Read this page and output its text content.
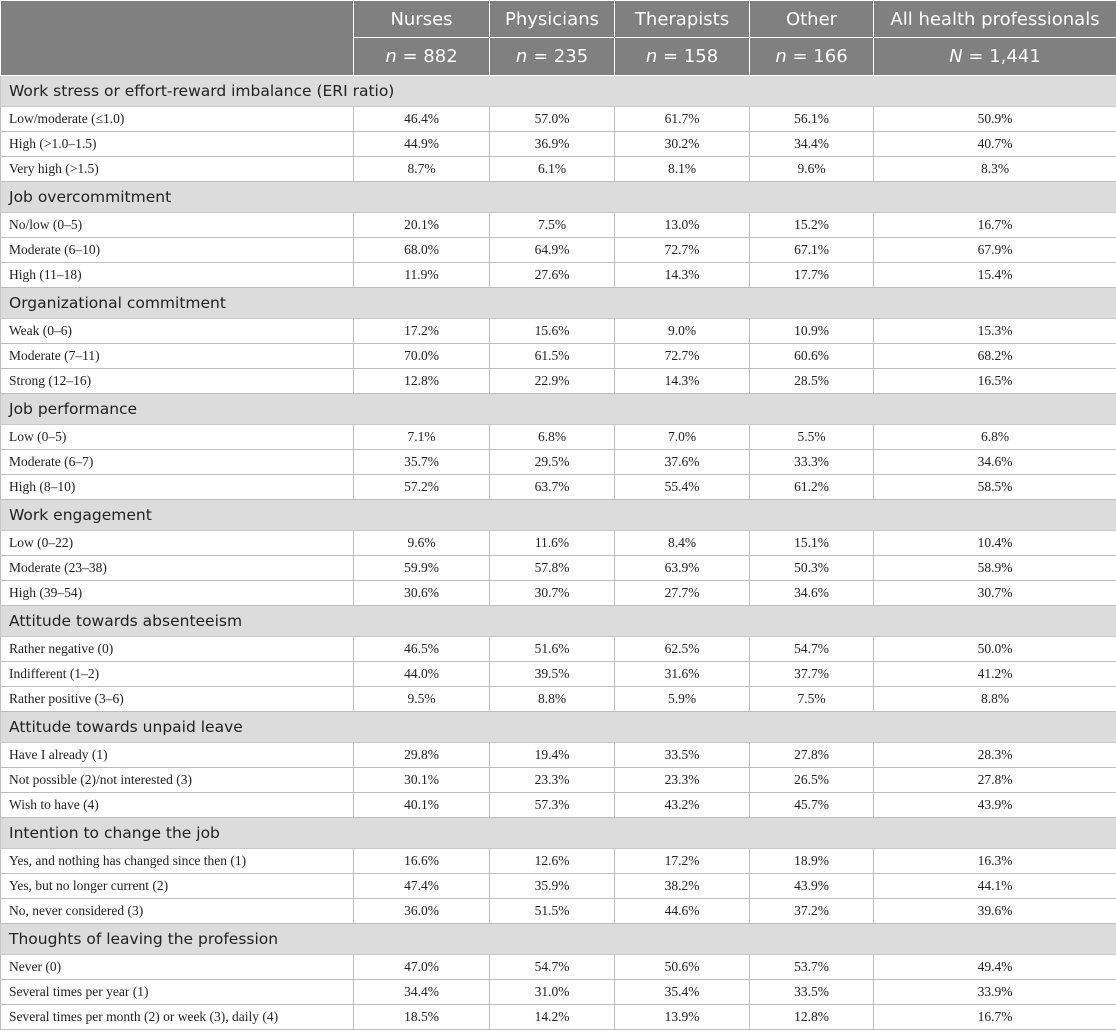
	Nurses	Physicians	Therapists	Other	All health professionals
	n = 882	n = 235	n = 158	n = 166	N = 1,441
Work stress or effort-reward imbalance (ERI ratio)					
Low/moderate (≤1.0)	46.4%	57.0%	61.7%	56.1%	50.9%
High (>1.0–1.5)	44.9%	36.9%	30.2%	34.4%	40.7%
Very high (>1.5)	8.7%	6.1%	8.1%	9.6%	8.3%
Job overcommitment					
No/low (0–5)	20.1%	7.5%	13.0%	15.2%	16.7%
Moderate (6–10)	68.0%	64.9%	72.7%	67.1%	67.9%
High (11–18)	11.9%	27.6%	14.3%	17.7%	15.4%
Organizational commitment					
Weak (0–6)	17.2%	15.6%	9.0%	10.9%	15.3%
Moderate (7–11)	70.0%	61.5%	72.7%	60.6%	68.2%
Strong (12–16)	12.8%	22.9%	14.3%	28.5%	16.5%
Job performance					
Low (0–5)	7.1%	6.8%	7.0%	5.5%	6.8%
Moderate (6–7)	35.7%	29.5%	37.6%	33.3%	34.6%
High (8–10)	57.2%	63.7%	55.4%	61.2%	58.5%
Work engagement					
Low (0–22)	9.6%	11.6%	8.4%	15.1%	10.4%
Moderate (23–38)	59.9%	57.8%	63.9%	50.3%	58.9%
High (39–54)	30.6%	30.7%	27.7%	34.6%	30.7%
Attitude towards absenteeism					
Rather negative (0)	46.5%	51.6%	62.5%	54.7%	50.0%
Indifferent (1–2)	44.0%	39.5%	31.6%	37.7%	41.2%
Rather positive (3–6)	9.5%	8.8%	5.9%	7.5%	8.8%
Attitude towards unpaid leave					
Have I already (1)	29.8%	19.4%	33.5%	27.8%	28.3%
Not possible (2)/not interested (3)	30.1%	23.3%	23.3%	26.5%	27.8%
Wish to have (4)	40.1%	57.3%	43.2%	45.7%	43.9%
Intention to change the job					
Yes, and nothing has changed since then (1)	16.6%	12.6%	17.2%	18.9%	16.3%
Yes, but no longer current (2)	47.4%	35.9%	38.2%	43.9%	44.1%
No, never considered (3)	36.0%	51.5%	44.6%	37.2%	39.6%
Thoughts of leaving the profession					
Never (0)	47.0%	54.7%	50.6%	53.7%	49.4%
Several times per year (1)	34.4%	31.0%	35.4%	33.5%	33.9%
Several times per month (2) or week (3), daily (4)	18.5%	14.2%	13.9%	12.8%	16.7%
